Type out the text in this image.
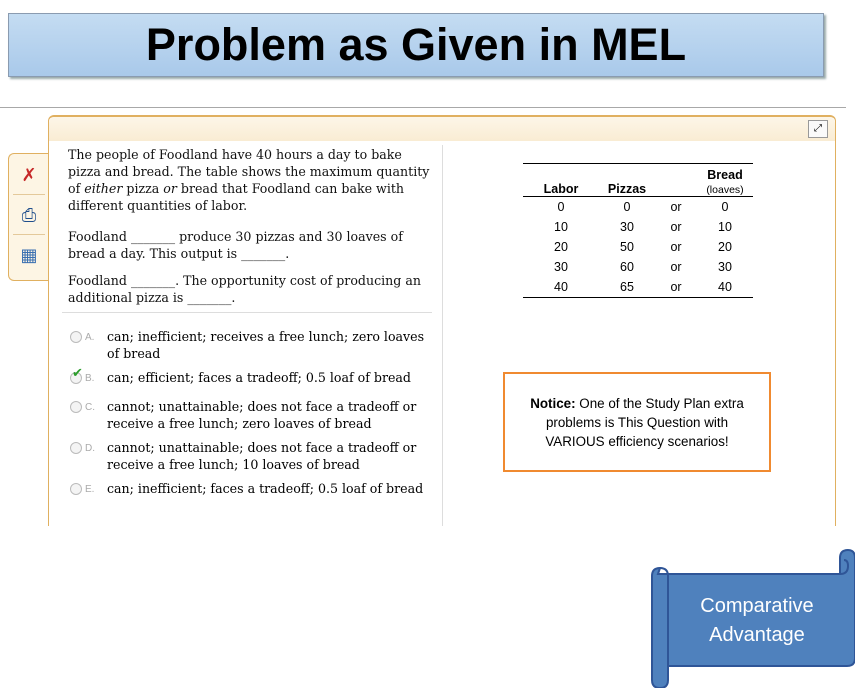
Problem as Given in MEL
✗
⎙
▦
⤢
The people of Foodland have 40 hours a day to bake pizza and bread. The table shows the maximum quantity of either pizza or bread that Foodland can bake with different quantities of labor.
Foodland _______ produce 30 pizzas and 30 loaves of bread a day. This output is _______.
Foodland _______. The opportunity cost of producing an additional pizza is _______.
A. can; inefficient; receives a free lunch; zero loaves of bread
✔ B. can; efficient; faces a tradeoff; 0.5 loaf of bread
C. cannot; unattainable; does not face a tradeoff or receive a free lunch; zero loaves of bread
D. cannot; unattainable; does not face a tradeoff or receive a free lunch; 10 loaves of bread
E. can; inefficient; faces a tradeoff; 0.5 loaf of bread
Labor	Pizzas		Bread
(loaves)
0	0	or	0
10	30	or	10
20	50	or	20
30	60	or	30
40	65	or	40
Notice: One of the Study Plan extra problems is This Question with VARIOUS efficiency scenarios!
Comparative
Advantage
